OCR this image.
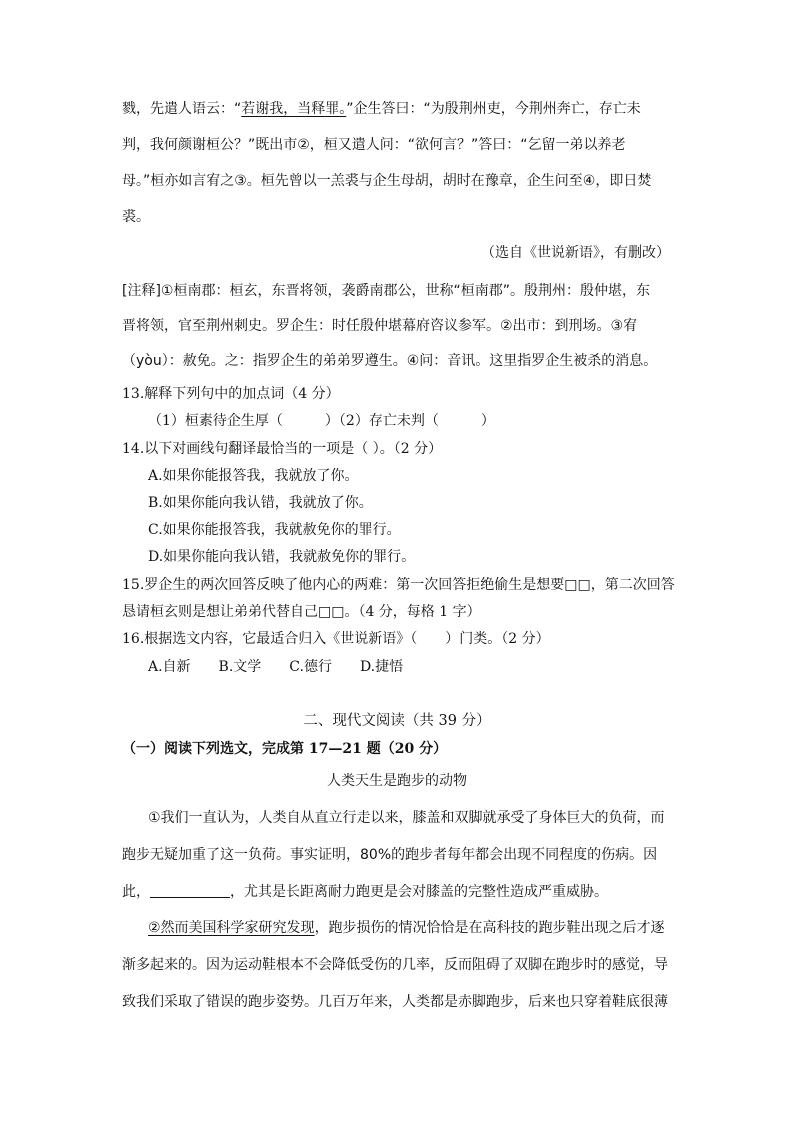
戮，先遣人语云：“若谢我，当释罪。”企生答曰：“为殷荆州吏，今荆州奔亡，存亡未
判，我何颜谢桓公？”既出市②，桓又遣人问：“欲何言？”答曰：“乞留一弟以养老
母。”桓亦如言宥之③。桓先曾以一羔裘与企生母胡，胡时在豫章，企生问至④，即日焚
裘。
（选自《世说新语》，有删改）
[注释]①桓南郡：桓玄，东晋将领，袭爵南郡公，世称“桓南郡”。殷荆州：殷仲堪，东
晋将领，官至荆州刺史。罗企生：时任殷仲堪幕府咨议参军。②出市：到刑场。③宥
（yòu）：赦免。之：指罗企生的弟弟罗遵生。④问：音讯。这里指罗企生被杀的消息。
13.解释下列句中的加点词（4 分）
（1）桓素待企生厚（　　　）（2）存亡未判（　　　）
14.以下对画线句翻译最恰当的一项是（ ）。（2 分）
A.如果你能报答我，我就放了你。
B.如果你能向我认错，我就放了你。
C.如果你能报答我，我就赦免你的罪行。
D.如果你能向我认错，我就赦免你的罪行。
15.罗企生的两次回答反映了他内心的两难：第一次回答拒绝偷生是想要□□，第二次回答
恳请桓玄则是想让弟弟代替自己□□。（4 分，每格 1 字）
16.根据选文内容，它最适合归入《世说新语》（　　）门类。（2 分）
A.自新　　B.文学　　C.德行　　D.捷悟
二、现代文阅读（共 39 分）
（一）阅读下列选文，完成第 17—21 题（20 分）
人类天生是跑步的动物
①我们一直认为，人类自从直立行走以来，膝盖和双脚就承受了身体巨大的负荷，而
跑步无疑加重了这一负荷。事实证明，80%的跑步者每年都会出现不同程度的伤病。因
此，	，尤其是长距离耐力跑更是会对膝盖的完整性造成严重威胁。
②然而美国科学家研究发现，跑步损伤的情况恰恰是在高科技的跑步鞋出现之后才逐
渐多起来的。因为运动鞋根本不会降低受伤的几率，反而阻碍了双脚在跑步时的感觉，导
致我们采取了错误的跑步姿势。几百万年来，人类都是赤脚跑步，后来也只穿着鞋底很薄
